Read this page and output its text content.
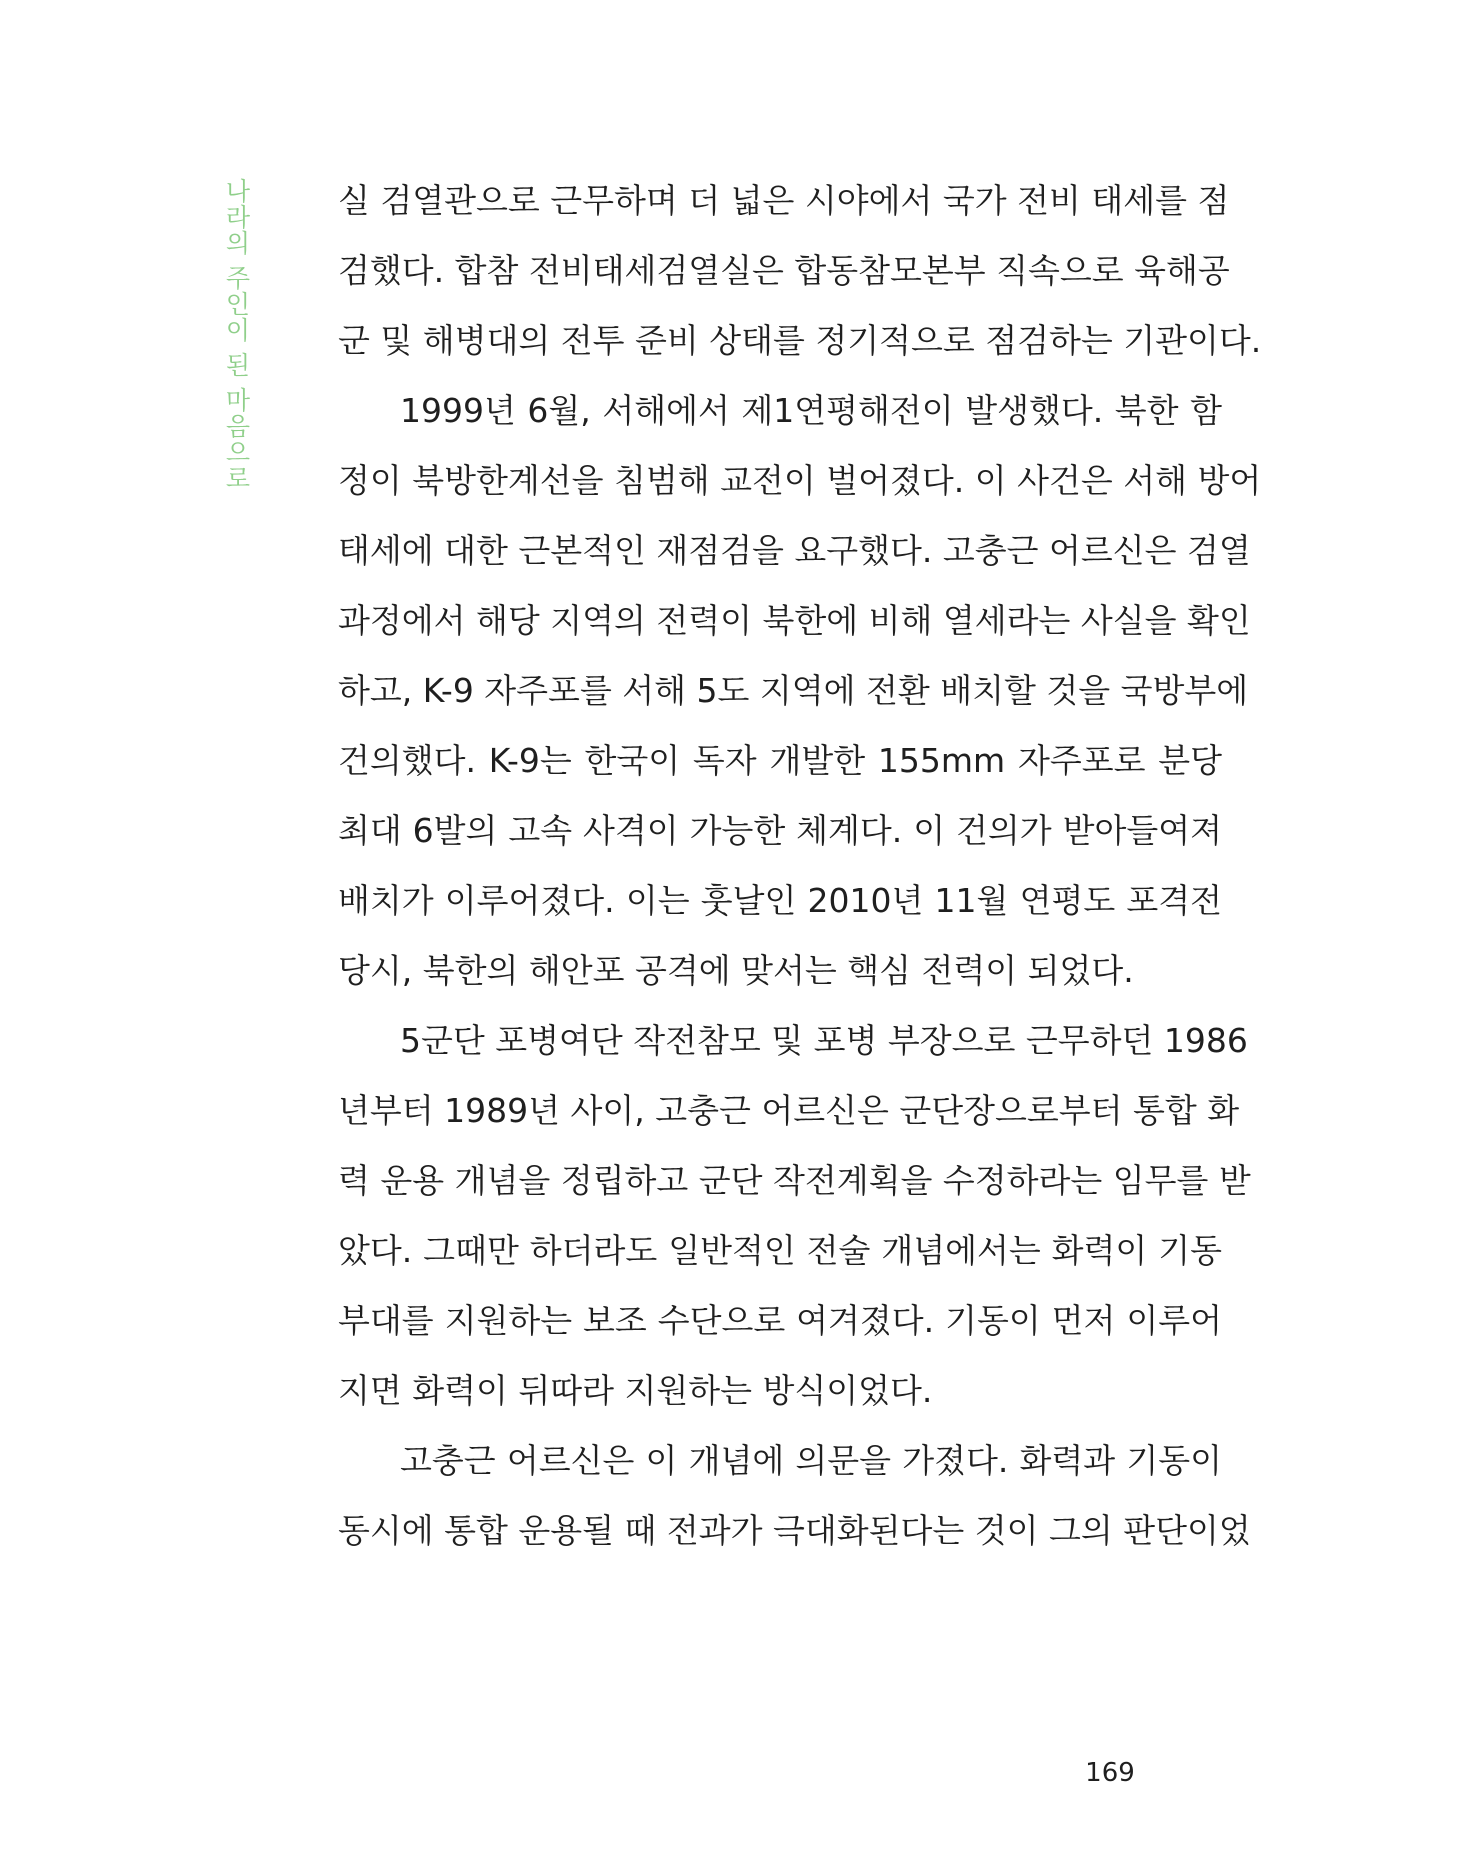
나라의 주인이 된 마음으로	실 검열관으로 근무하며 더 넓은 시야에서 국가 전비 태세를 점
검했다. 합참 전비태세검열실은 합동참모본부 직속으로 육해공
군 및 해병대의 전투 준비 상태를 정기적으로 점검하는 기관이다.
1999년 6월, 서해에서 제1연평해전이 발생했다. 북한 함
정이 북방한계선을 침범해 교전이 벌어졌다. 이 사건은 서해 방어
태세에 대한 근본적인 재점검을 요구했다. 고충근 어르신은 검열
과정에서 해당 지역의 전력이 북한에 비해 열세라는 사실을 확인
하고, K-9 자주포를 서해 5도 지역에 전환 배치할 것을 국방부에
건의했다. K-9는 한국이 독자 개발한 155mm 자주포로 분당
최대 6발의 고속 사격이 가능한 체계다. 이 건의가 받아들여져
배치가 이루어졌다. 이는 훗날인 2010년 11월 연평도 포격전
당시, 북한의 해안포 공격에 맞서는 핵심 전력이 되었다.
5군단 포병여단 작전참모 및 포병 부장으로 근무하던 1986
년부터 1989년 사이, 고충근 어르신은 군단장으로부터 통합 화
력 운용 개념을 정립하고 군단 작전계획을 수정하라는 임무를 받
았다. 그때만 하더라도 일반적인 전술 개념에서는 화력이 기동
부대를 지원하는 보조 수단으로 여겨졌다. 기동이 먼저 이루어
지면 화력이 뒤따라 지원하는 방식이었다.
고충근 어르신은 이 개념에 의문을 가졌다. 화력과 기동이
동시에 통합 운용될 때 전과가 극대화된다는 것이 그의 판단이었
169
